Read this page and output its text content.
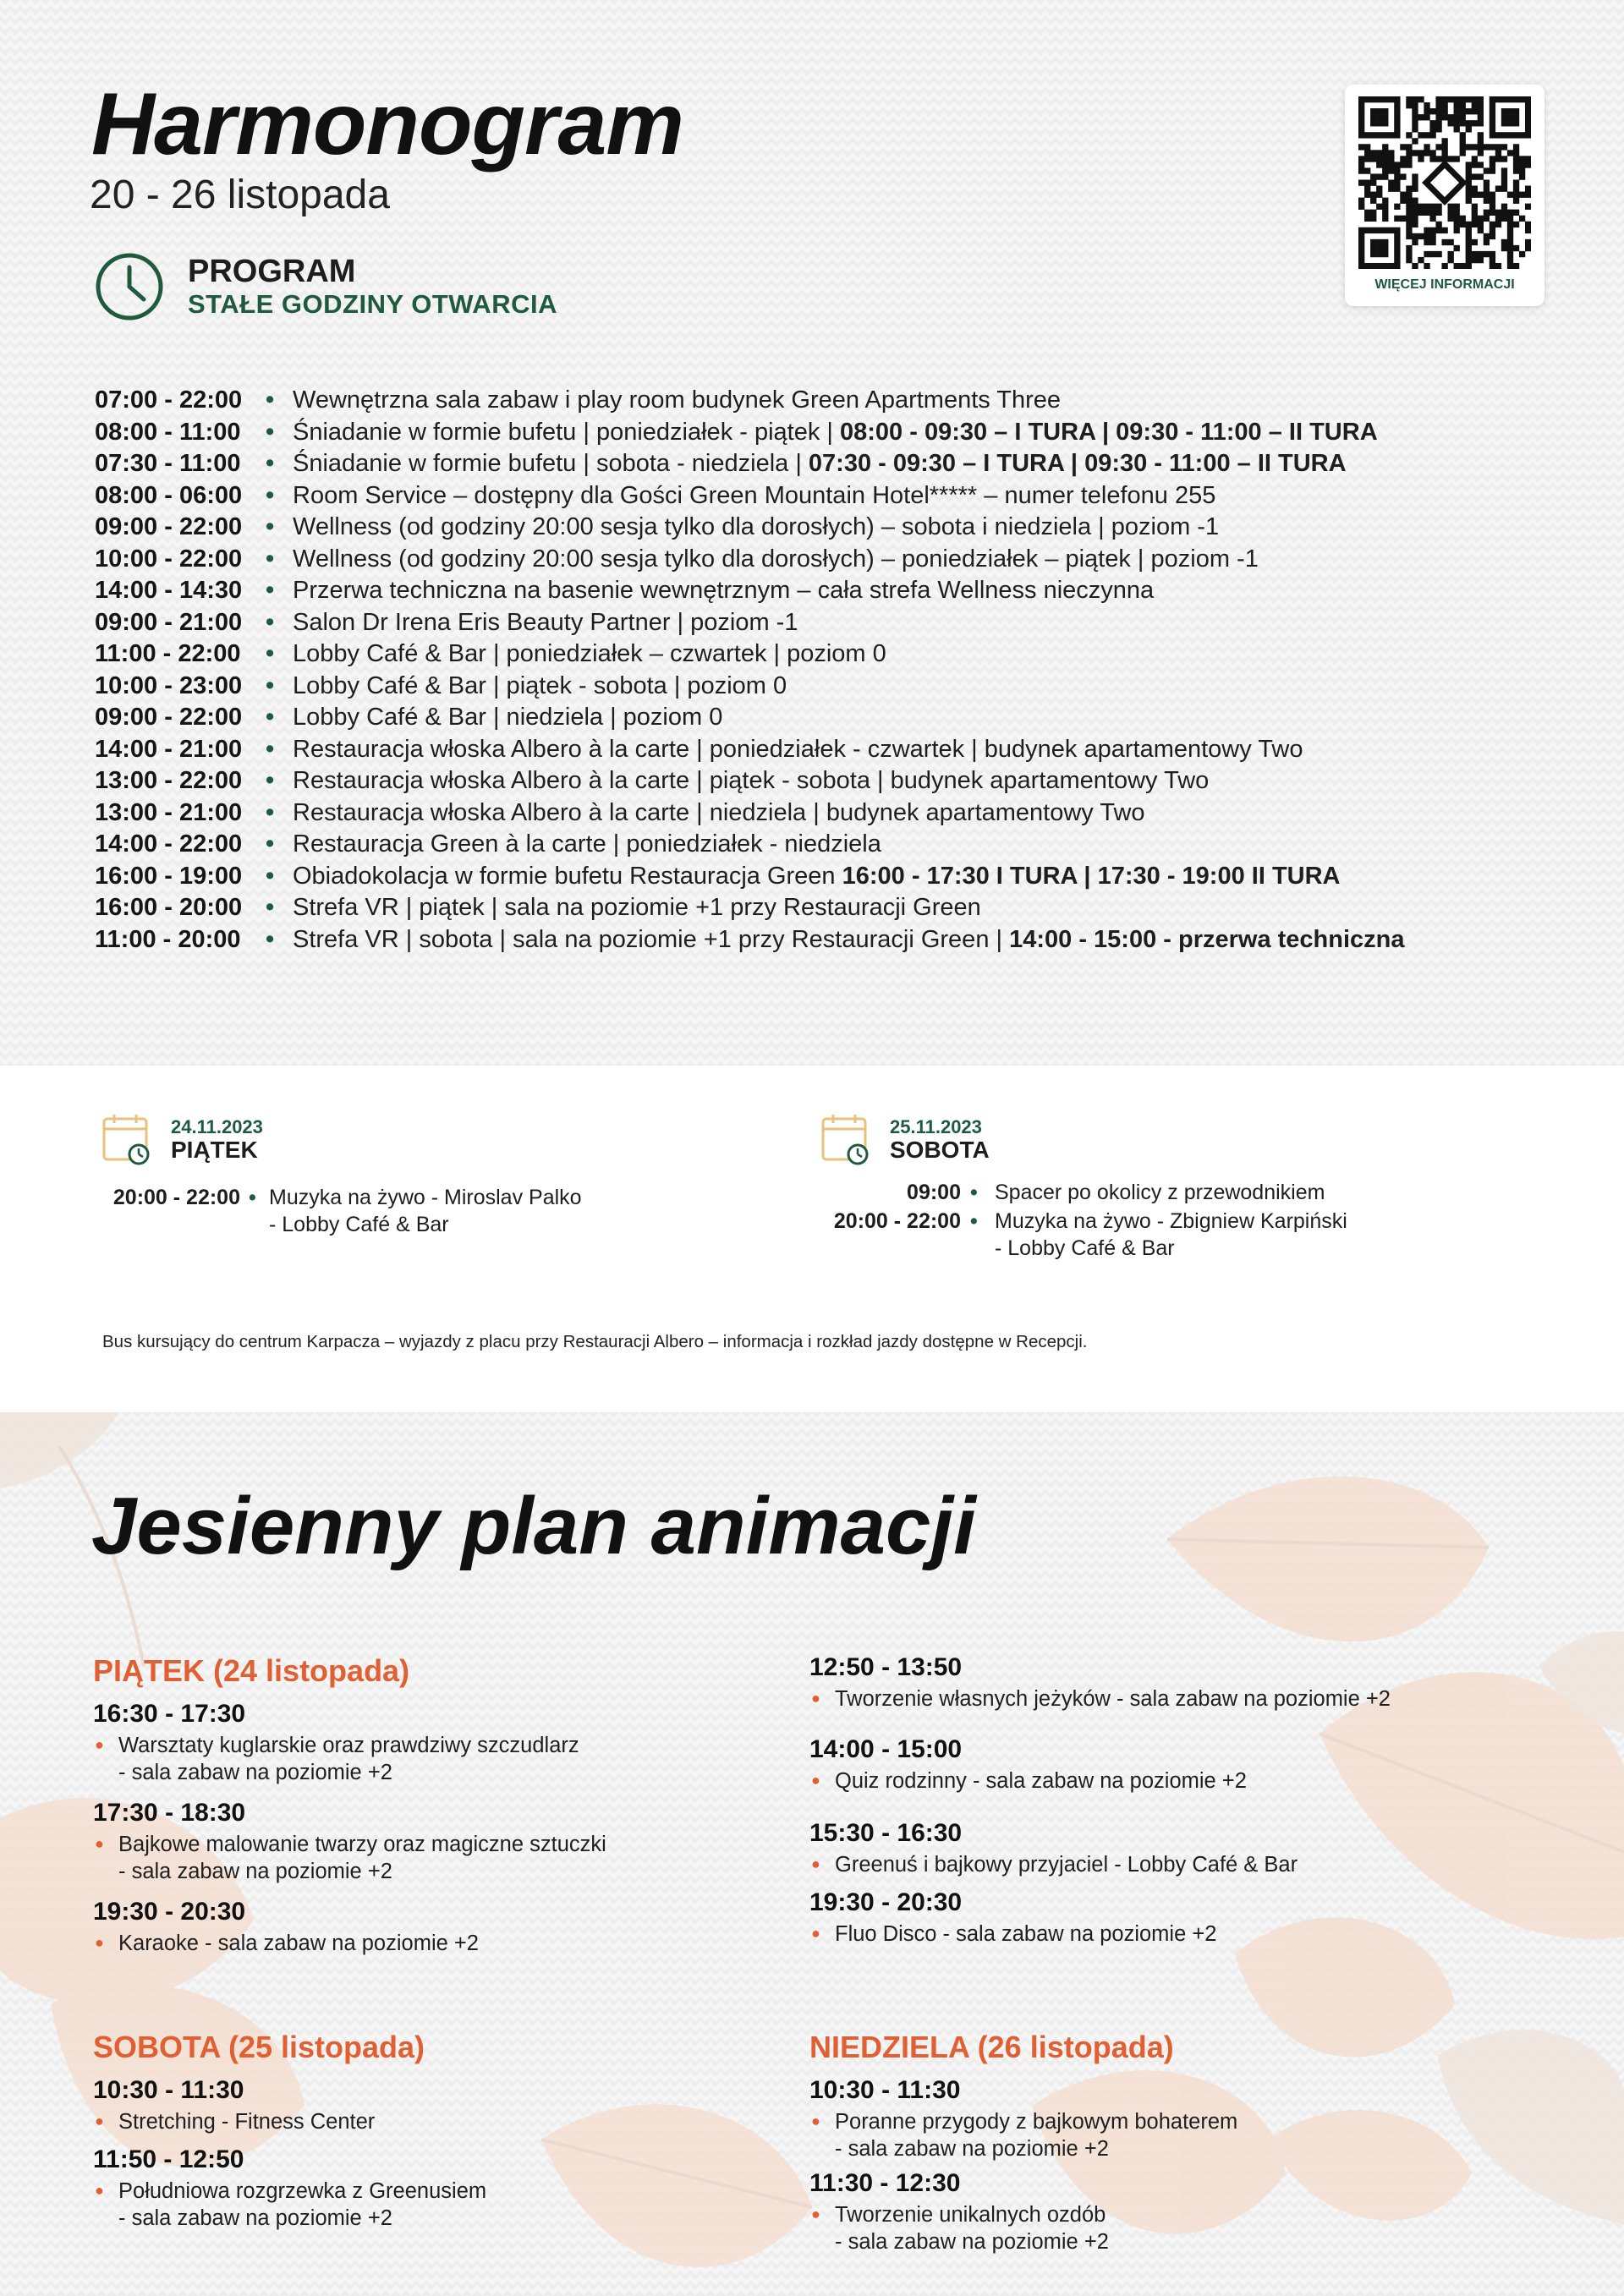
Harmonogram
20 - 26 listopada
PROGRAM
STAŁE GODZINY OTWARCIA
WIĘCEJ INFORMACJI
07:00 - 22:00 • Wewnętrzna sala zabaw i play room budynek Green Apartments Three
08:00 - 11:00 • Śniadanie w formie bufetu | poniedziałek - piątek | 08:00 - 09:30 – I TURA | 09:30 - 11:00 – II TURA
07:30 - 11:00 • Śniadanie w formie bufetu | sobota - niedziela | 07:30 - 09:30 – I TURA | 09:30 - 11:00 – II TURA
08:00 - 06:00 • Room Service – dostępny dla Gości Green Mountain Hotel***** – numer telefonu 255
09:00 - 22:00 • Wellness (od godziny 20:00 sesja tylko dla dorosłych) – sobota i niedziela | poziom -1
10:00 - 22:00 • Wellness (od godziny 20:00 sesja tylko dla dorosłych) – poniedziałek – piątek | poziom -1
14:00 - 14:30 • Przerwa techniczna na basenie wewnętrznym – cała strefa Wellness nieczynna
09:00 - 21:00 • Salon Dr Irena Eris Beauty Partner | poziom -1
11:00 - 22:00 • Lobby Café & Bar | poniedziałek – czwartek | poziom 0
10:00 - 23:00 • Lobby Café & Bar | piątek - sobota | poziom 0
09:00 - 22:00 • Lobby Café & Bar | niedziela | poziom 0
14:00 - 21:00 • Restauracja włoska Albero à la carte | poniedziałek - czwartek | budynek apartamentowy Two
13:00 - 22:00 • Restauracja włoska Albero à la carte | piątek - sobota | budynek apartamentowy Two
13:00 - 21:00 • Restauracja włoska Albero à la carte | niedziela | budynek apartamentowy Two
14:00 - 22:00 • Restauracja Green à la carte | poniedziałek - niedziela
16:00 - 19:00 • Obiadokolacja w formie bufetu Restauracja Green 16:00 - 17:30 I TURA | 17:30 - 19:00 II TURA
16:00 - 20:00 • Strefa VR | piątek | sala na poziomie +1 przy Restauracji Green
11:00 - 20:00 • Strefa VR | sobota | sala na poziomie +1 przy Restauracji Green | 14:00 - 15:00 - przerwa techniczna
24.11.2023
PIĄTEK
20:00 - 22:00 • Muzyka na żywo - Miroslav Palko
- Lobby Café & Bar
25.11.2023
SOBOTA
09:00 • Spacer po okolicy z przewodnikiem
20:00 - 22:00 • Muzyka na żywo - Zbigniew Karpiński
- Lobby Café & Bar
Bus kursujący do centrum Karpacza – wyjazdy z placu przy Restauracji Albero – informacja i rozkład jazdy dostępne w Recepcji.
Jesienny plan animacji
PIĄTEK (24 listopada)
16:30 - 17:30
● Warsztaty kuglarskie oraz prawdziwy szczudlarz
- sala zabaw na poziomie +2
17:30 - 18:30
● Bajkowe malowanie twarzy oraz magiczne sztuczki
- sala zabaw na poziomie +2
19:30 - 20:30
● Karaoke - sala zabaw na poziomie +2
12:50 - 13:50
● Tworzenie własnych jeżyków - sala zabaw na poziomie +2
14:00 - 15:00
● Quiz rodzinny - sala zabaw na poziomie +2
15:30 - 16:30
● Greenuś i bajkowy przyjaciel - Lobby Café & Bar
19:30 - 20:30
● Fluo Disco - sala zabaw na poziomie +2
SOBOTA (25 listopada)
10:30 - 11:30
● Stretching - Fitness Center
11:50 - 12:50
● Południowa rozgrzewka z Greenusiem
- sala zabaw na poziomie +2
NIEDZIELA (26 listopada)
10:30 - 11:30
● Poranne przygody z bajkowym bohaterem
- sala zabaw na poziomie +2
11:30 - 12:30
● Tworzenie unikalnych ozdób
- sala zabaw na poziomie +2
